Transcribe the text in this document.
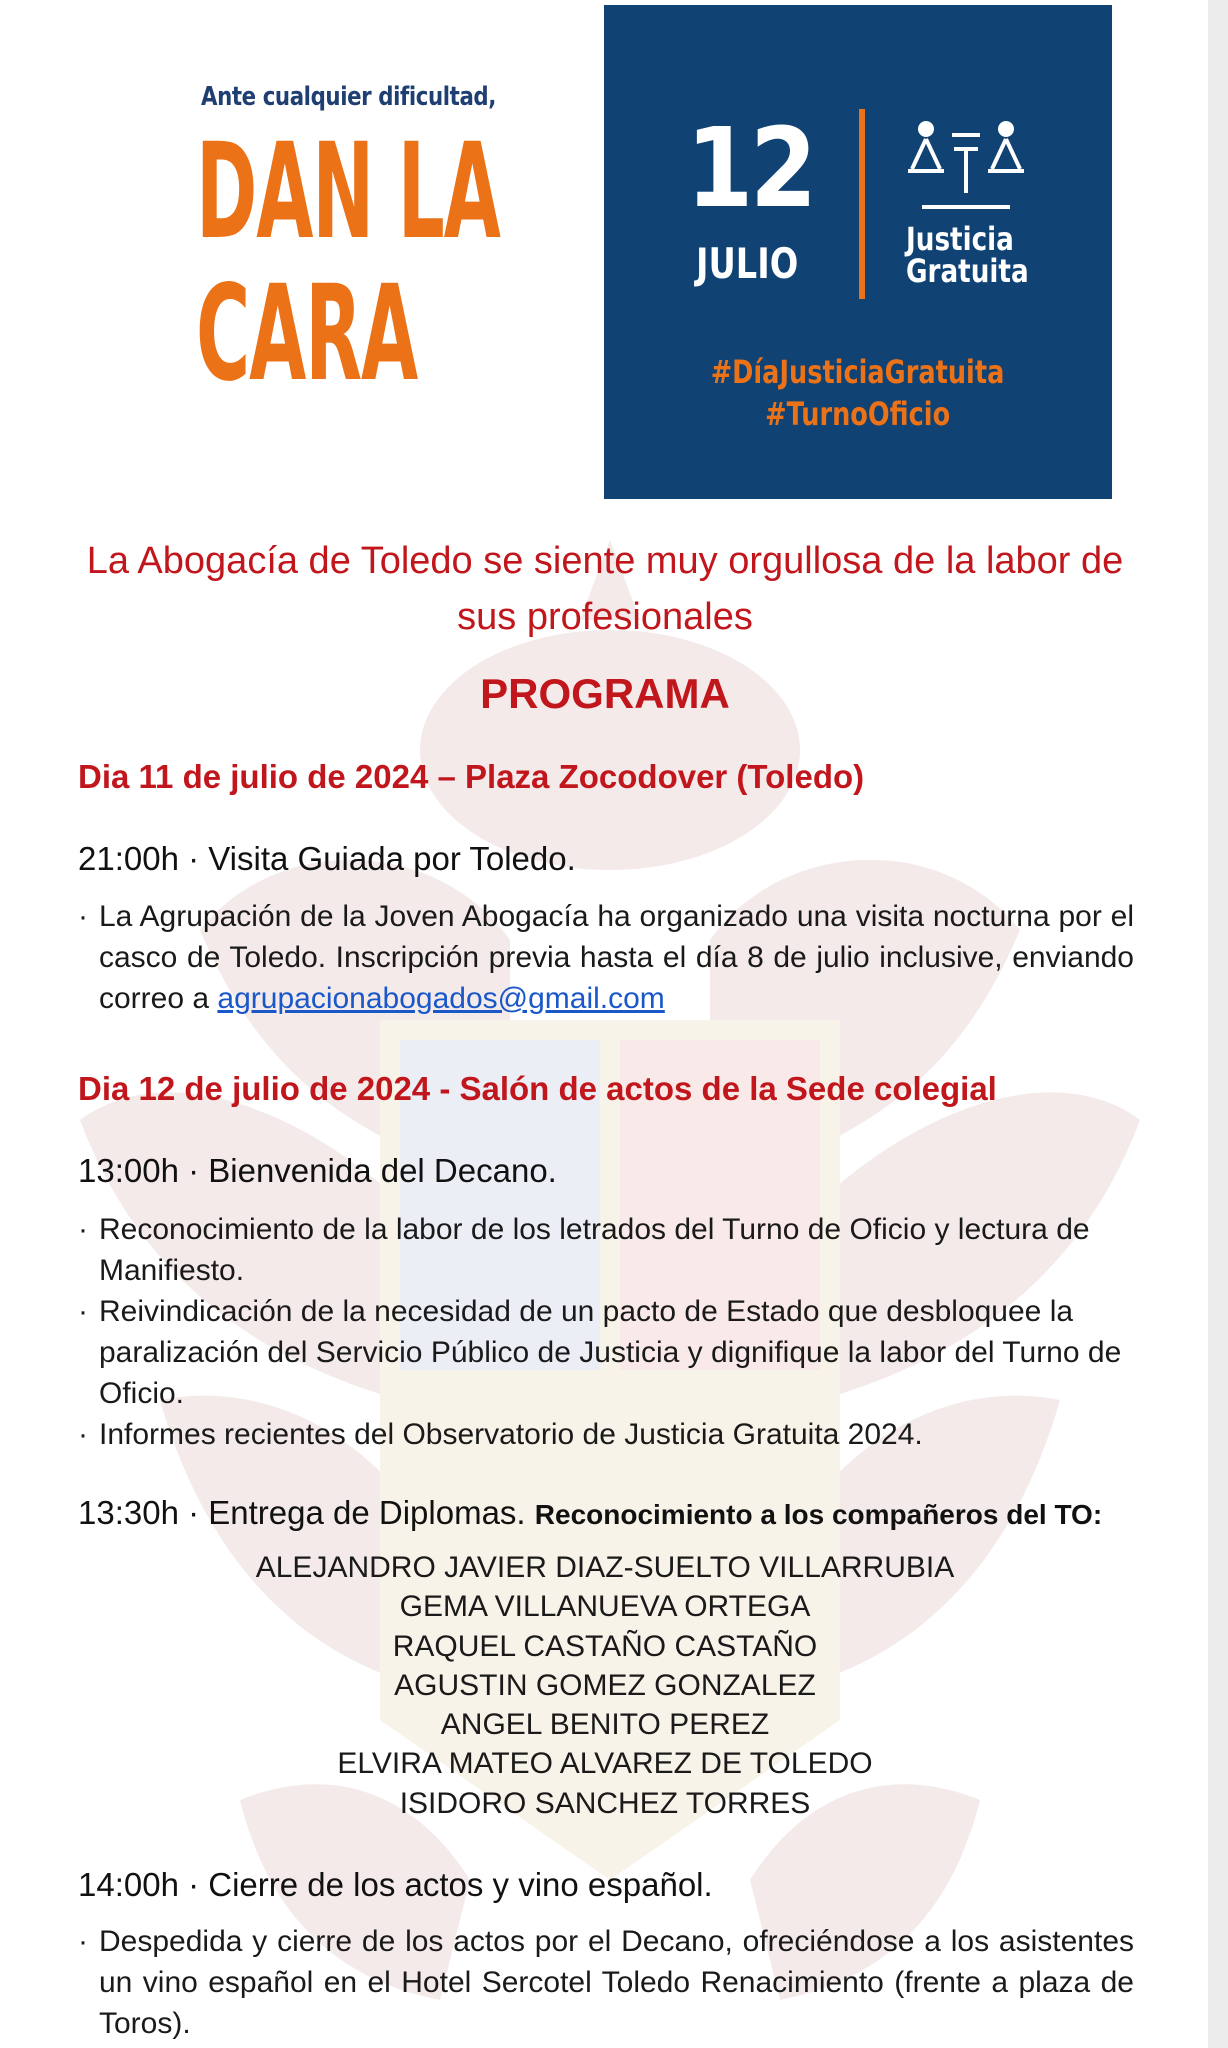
Ante cualquier dificultad,
DAN LA
CARA
12
JULIO	Justicia
Gratuita
#DíaJusticiaGratuita
#TurnoOficio
La Abogacía de Toledo se siente muy orgullosa de la labor de sus profesionales
PROGRAMA
Dia 11 de julio de 2024 – Plaza Zocodover (Toledo)
21:00h · Visita Guiada por Toledo.
· La Agrupación de la Joven Abogacía ha organizado una visita nocturna por el casco de Toledo. Inscripción previa hasta el día 8 de julio inclusive, enviando correo a agrupacionabogados@gmail.com
Dia 12 de julio de 2024 - Salón de actos de la Sede colegial
13:00h · Bienvenida del Decano.
· Reconocimiento de la labor de los letrados del Turno de Oficio y lectura de Manifiesto.
· Reivindicación de la necesidad de un pacto de Estado que desbloquee la paralización del Servicio Público de Justicia y dignifique la labor del Turno de Oficio.
· Informes recientes del Observatorio de Justicia Gratuita 2024.
13:30h · Entrega de Diplomas. Reconocimiento a los compañeros del TO:
ALEJANDRO JAVIER DIAZ-SUELTO VILLARRUBIA
GEMA VILLANUEVA ORTEGA
RAQUEL CASTAÑO CASTAÑO
AGUSTIN GOMEZ GONZALEZ
ANGEL BENITO PEREZ
ELVIRA MATEO ALVAREZ DE TOLEDO
ISIDORO SANCHEZ TORRES
14:00h · Cierre de los actos y vino español.
· Despedida y cierre de los actos por el Decano, ofreciéndose a los asistentes un vino español en el Hotel Sercotel Toledo Renacimiento (frente a plaza de Toros).
